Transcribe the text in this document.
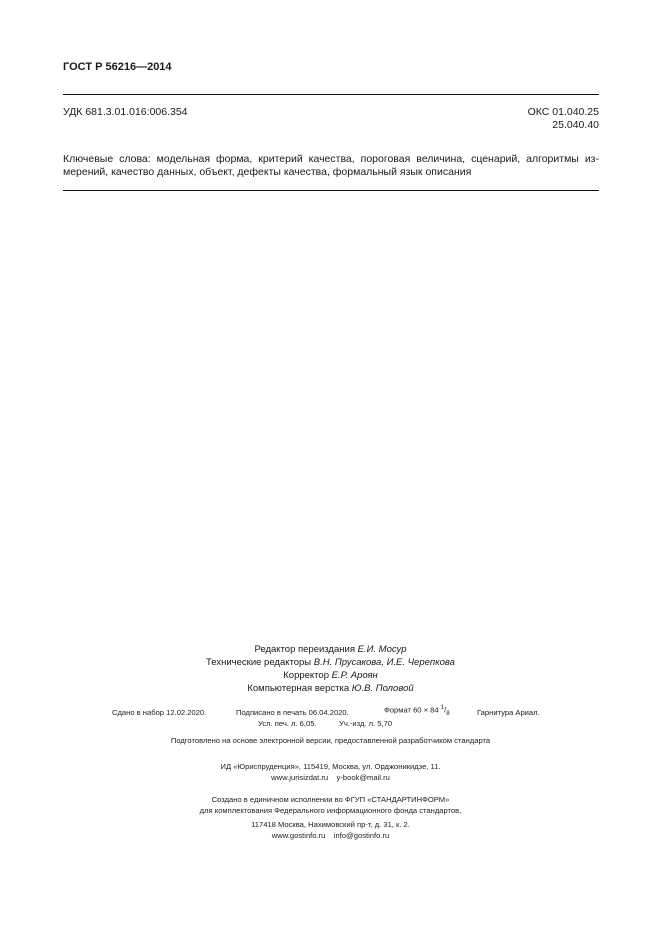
ГОСТ Р 56216—2014
УДК 681.3.01.016:006.354	ОКС 01.040.25
25.040.40
Ключевые слова: модельная форма, критерий качества, пороговая величина, сценарий, алгоритмы из-мерений, качество данных, объект, дефекты качества, формальный язык описания
Редактор переиздания Е.И. Мосур
Технические редакторы В.Н. Прусакова, И.Е. Черепкова
Корректор Е.Р. Ароян
Компьютерная верстка Ю.В. Половой
Сдано в набор 12.02.2020.	Подписано в печать 06.04.2020.	Формат 60 × 84 $^1/_8$	Гарнитура Ариал.
Усл. печ. л. 6,05.	Уч.-изд. л. 5,70
Подготовлено на основе электронной версии, предоставленной разработчиком стандарта
ИД «Юриспруденция», 115419, Москва, ул. Орджоникидзе, 11.
www.jurisizdat.ru    y-book@mail.ru
Создано в единичном исполнении во ФГУП «СТАНДАРТИНФОРМ»
для комплектования Федерального информационного фонда стандартов,
117418 Москва, Нахимовский пр-т, д. 31, к. 2.
www.gostinfo.ru    info@gostinfo.ru
